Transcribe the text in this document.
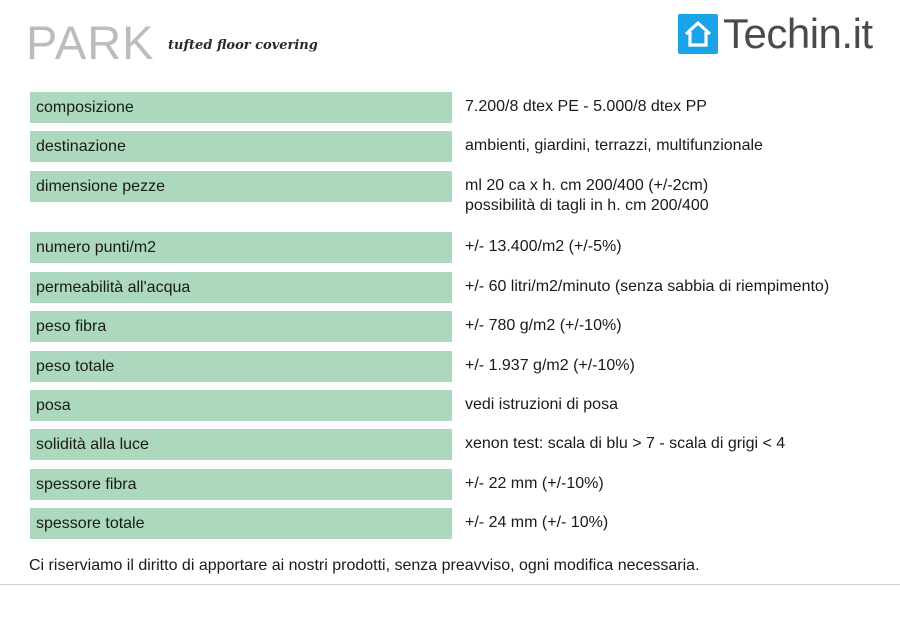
PARK tufted floor covering	Techin.it
composizione	7.200/8 dtex PE - 5.000/8 dtex PP
destinazione	ambienti, giardini, terrazzi, multifunzionale
dimensione pezze	ml 20 ca x h. cm 200/400 (+/-2cm)
possibilità di tagli in h. cm 200/400
numero punti/m2	+/- 13.400/m2 (+/-5%)
permeabilità all'acqua	+/- 60 litri/m2/minuto (senza sabbia di riempimento)
peso fibra	+/- 780 g/m2 (+/-10%)
peso totale	+/- 1.937 g/m2 (+/-10%)
posa	vedi istruzioni di posa
solidità alla luce	xenon test: scala di blu > 7 - scala di grigi < 4
spessore fibra	+/- 22 mm (+/-10%)
spessore totale	+/- 24 mm (+/- 10%)
Ci riserviamo il diritto di apportare ai nostri prodotti, senza preavviso, ogni modifica necessaria.
